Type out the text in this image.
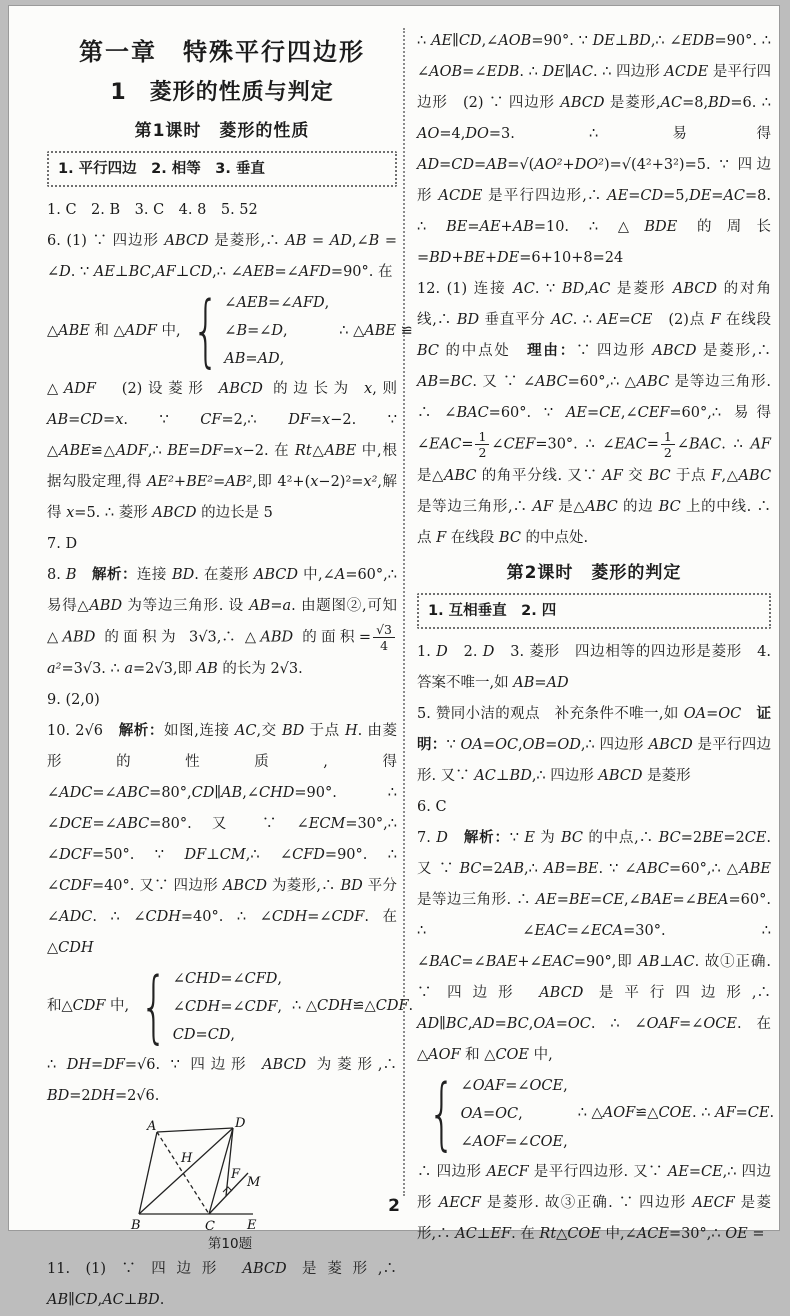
第一章　特殊平行四边形
1　菱形的性质与判定
第1课时　菱形的性质
1. 平行四边　2. 相等　3. 垂直

1. C　2. B　3. C　4. 8　5. 52

6. (1) ∵ 四边形 ABCD 是菱形,∴ AB = AD,∠B = ∠D. ∵ AE⊥BC,AF⊥CD,∴ ∠AEB=∠AFD=90°. 在

△ABE 和 △ADF 中, { ∠AEB=∠AFD,
∠B=∠D,
AB=AD,
∴ △ABE ≌

△ADF　(2)设菱形 ABCD 的边长为 x,则 AB=CD=x. ∵ CF=2,∴ DF=x−2. ∵ △ABE≌△ADF,∴ BE=DF=x−2. 在 Rt△ABE 中,根据勾股定理,得 AE²+BE²=AB²,即 4²+(x−2)²=x²,解得 x=5. ∴ 菱形 ABCD 的边长是 5

7. D

8. B　 解析：连接 BD. 在菱形 ABCD 中,∠A=60°,∴ 易得△ABD 为等边三角形. 设 AB=a. 由题图②,可知△ABD 的面积为 3√3,∴ △ABD 的面积= $\frac{√3}{4}$
a²=3√3. ∴ a=2√3,即 AB 的长为 2√3.

9. (2,0)

10. 2√6　解析：如图,连接 AC,交 BD 于点 H. 由菱形的性质,得∠ADC=∠ABC=80°,CD∥AB,∠CHD=90°. ∴ ∠DCE=∠ABC=80°. 又 ∵ ∠ECM=30°,∴ ∠DCF=50°. ∵ DF⊥CM,∴ ∠CFD=90°. ∴ ∠CDF=40°. 又∵ 四边形 ABCD 为菱形,∴ BD 平分∠ADC. ∴ ∠CDH=40°. ∴ ∠CDH=∠CDF. 在△CDH

和△CDF 中, { ∠CHD=∠CFD,
∠CDH=∠CDF,
CD=CD,
∴ △CDH≌△CDF.

∴ DH=DF=√6. ∵ 四边形 ABCD 为菱形,∴ BD=2DH=2√6.

A	D
H
F
M
B	C E
第10题

11. (1) ∵ 四边形 ABCD 是菱形,∴ AB∥CD,AC⊥BD.

∴ AE∥CD,∠AOB=90°. ∵ DE⊥BD,∴ ∠EDB=90°. ∴ ∠AOB=∠EDB. ∴ DE∥AC. ∴ 四边形 ACDE 是平行四边形　(2) ∵ 四边形 ABCD 是菱形,AC=8,BD=6. ∴ AO=4,DO=3. ∴ 易得 AD=CD=AB=√(AO²+DO²)=√(4²+3²)=5. ∵ 四边形 ACDE 是平行四边形,∴ AE=CD=5,DE=AC=8. ∴ BE=AE+AB=10. ∴ △BDE 的周长=BD+BE+DE=6+10+8=24

12. (1) 连接 AC. ∵ BD,AC 是菱形 ABCD 的对角线,∴ BD 垂直平分 AC. ∴ AE=CE　(2)点 F 在线段 BC 的中点处　理由：∵ 四边形 ABCD 是菱形,∴ AB=BC. 又 ∵ ∠ABC=60°,∴ △ABC 是等边三角形. ∴ ∠BAC=60°. ∵ AE=CE,∠CEF=60°,∴ 易得 ∠EAC= $\frac{1}{2}$ ∠CEF=30°. ∴ ∠EAC= $\frac{1}{2}$ ∠BAC. ∴ AF 是△ABC 的角平分线. 又∵ AF 交 BC 于点 F,△ABC 是等边三角形,∴ AF 是△ABC 的边 BC 上的中线. ∴ 点 F 在线段 BC 的中点处.

第2课时　菱形的判定
1. 互相垂直　2. 四

1. D　2. D　3. 菱形　四边相等的四边形是菱形　4. 答案不唯一,如 AB=AD

5. 赞同小洁的观点　补充条件不唯一,如 OA=OC　 证明：∵ OA=OC,OB=OD,∴ 四边形 ABCD 是平行四边形. 又∵ AC⊥BD,∴ 四边形 ABCD 是菱形

6. C

7. D　 解析：∵ E 为 BC 的中点,∴ BC=2BE=2CE. 又 ∵ BC=2AB,∴ AB=BE. ∵ ∠ABC=60°,∴ △ABE 是等边三角形. ∴ AE=BE=CE,∠BAE=∠BEA=60°. ∴ ∠EAC=∠ECA=30°. ∴ ∠BAC=∠BAE+∠EAC=90°,即 AB⊥AC. 故①正确. ∵ 四边形 ABCD 是平行四边形,∴ AD∥BC,AD=BC,OA=OC. ∴ ∠OAF=∠OCE. 在 △AOF 和 △COE 中,

{ ∠OAF=∠OCE,
OA=OC,
∠AOF=∠COE,
∴ △AOF≌△COE. ∴ AF=CE.

∴ 四边形 AECF 是平行四边形. 又∵ AE=CE,∴ 四边形 AECF 是菱形. 故③正确. ∵ 四边形 AECF 是菱形,∴ AC⊥EF. 在 Rt△COE 中,∠ACE=30°,∴ OE =

2
